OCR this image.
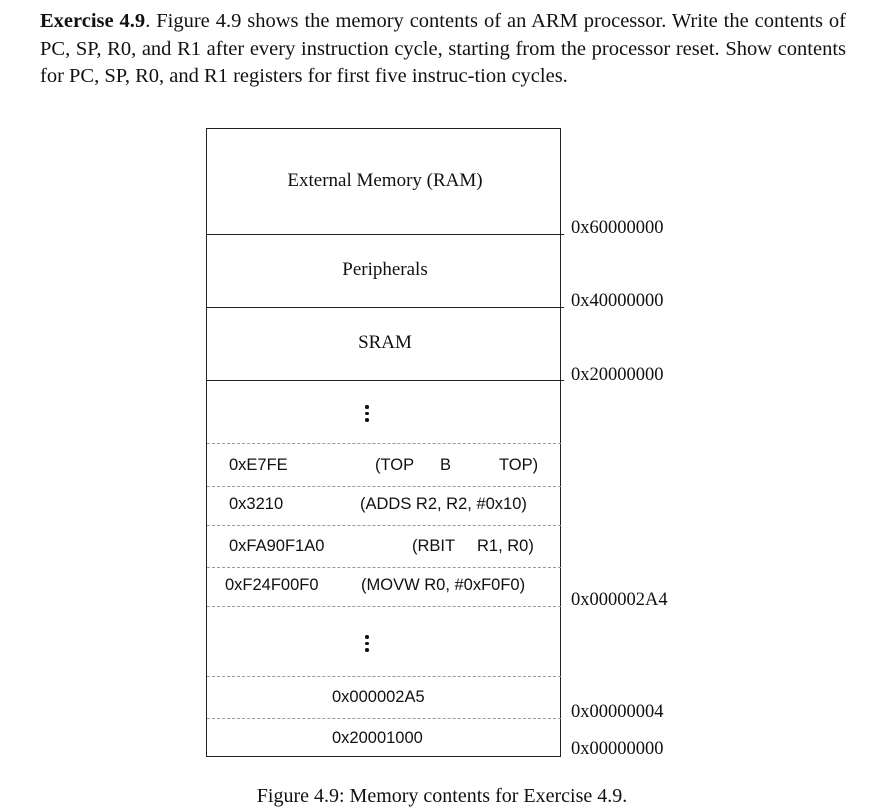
Exercise 4.9. Figure 4.9 shows the memory contents of an ARM processor. Write the contents of PC, SP, R0, and R1 after every instruction cycle, starting from the processor reset. Show contents for PC, SP, R0, and R1 registers for first five instruc-tion cycles.

External Memory (RAM)
Peripherals
SRAM
0xE7FE	(TOP B	TOP)
0x3210	(ADDS R2, R2, #0x10)
0xFA90F1A0	(RBIT R1, R0)
0xF24F00F0	(MOVW R0, #0xF0F0)
0x000002A5
0x20001000
0x60000000
0x40000000
0x20000000
0x000002A4
0x00000004
0x00000000
Figure 4.9: Memory contents for Exercise 4.9.
